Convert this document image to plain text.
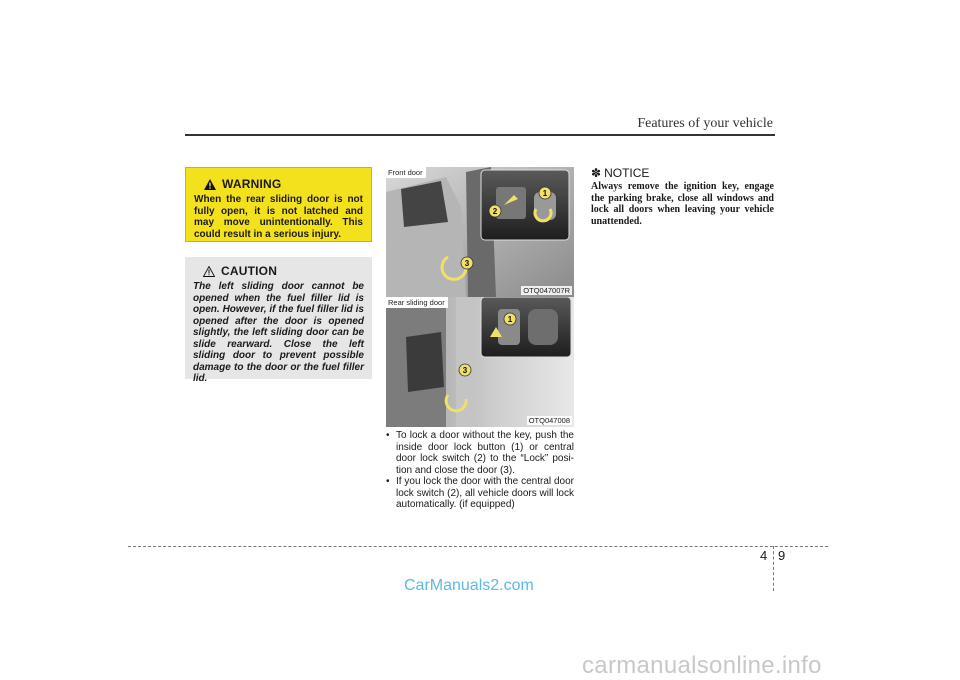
Features of your vehicle
WARNING
When the rear sliding door is not fully open, it is not latched and may move unintentionally. This could result in a serious injury.
CAUTION
The left sliding door cannot be opened when the fuel filler lid is open. However, if the fuel filler lid is opened after the door is opened slightly, the left sliding door can be slide rearward. Close the left sliding door to prevent possible damage to the door or the fuel filler lid.
1
2
3
Front door
OTQ047007R
1
3
Rear sliding door
OTQ047008
• To lock a door without the key, push the inside door lock button (1) or central door lock switch (2) to the “Lock” posi-tion and close the door (3).
• If you lock the door with the central door lock switch (2), all vehicle doors will lock automatically. (if equipped)
✽ NOTICE
Always remove the ignition key, engage the parking brake, close all windows and lock all doors when leaving your vehicle unattended.
4 9
CarManuals2.com
carmanualsonline.info
